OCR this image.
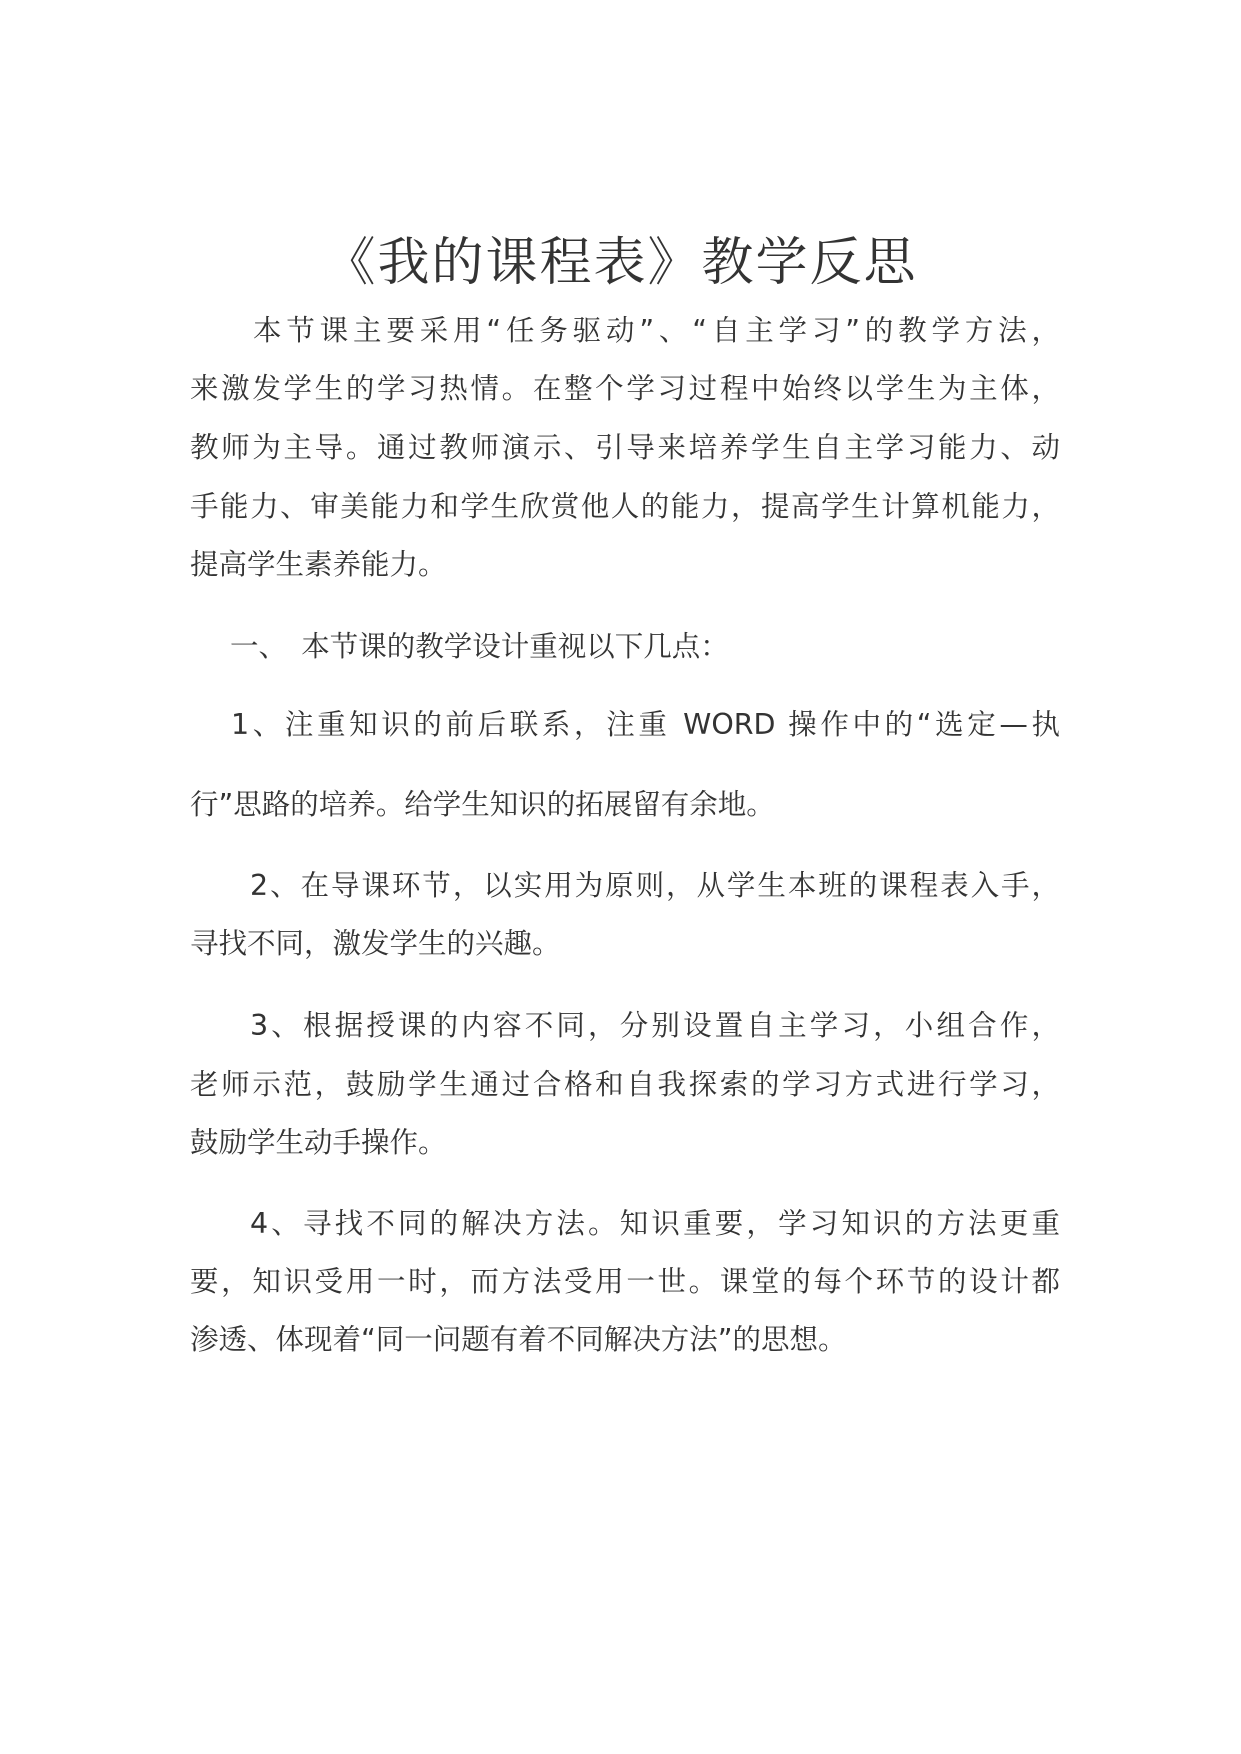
《我的课程表》教学反思

本节课主要采用“任务驱动”、“自主学习”的教学方法，

来激发学生的学习热情。在整个学习过程中始终以学生为主体，

教师为主导。通过教师演示、引导来培养学生自主学习能力、动

手能力、审美能力和学生欣赏他人的能力，提高学生计算机能力，

提高学生素养能力。

一、　本节课的教学设计重视以下几点：

1、注重知识的前后联系，注重 WORD 操作中的“选定—执

行”思路的培养。给学生知识的拓展留有余地。

2、在导课环节，以实用为原则，从学生本班的课程表入手，

寻找不同，激发学生的兴趣。

3、根据授课的内容不同，分别设置自主学习，小组合作，

老师示范，鼓励学生通过合格和自我探索的学习方式进行学习，

鼓励学生动手操作。

4、寻找不同的解决方法。知识重要，学习知识的方法更重

要，知识受用一时，而方法受用一世。课堂的每个环节的设计都

渗透、体现着“同一问题有着不同解决方法”的思想。
